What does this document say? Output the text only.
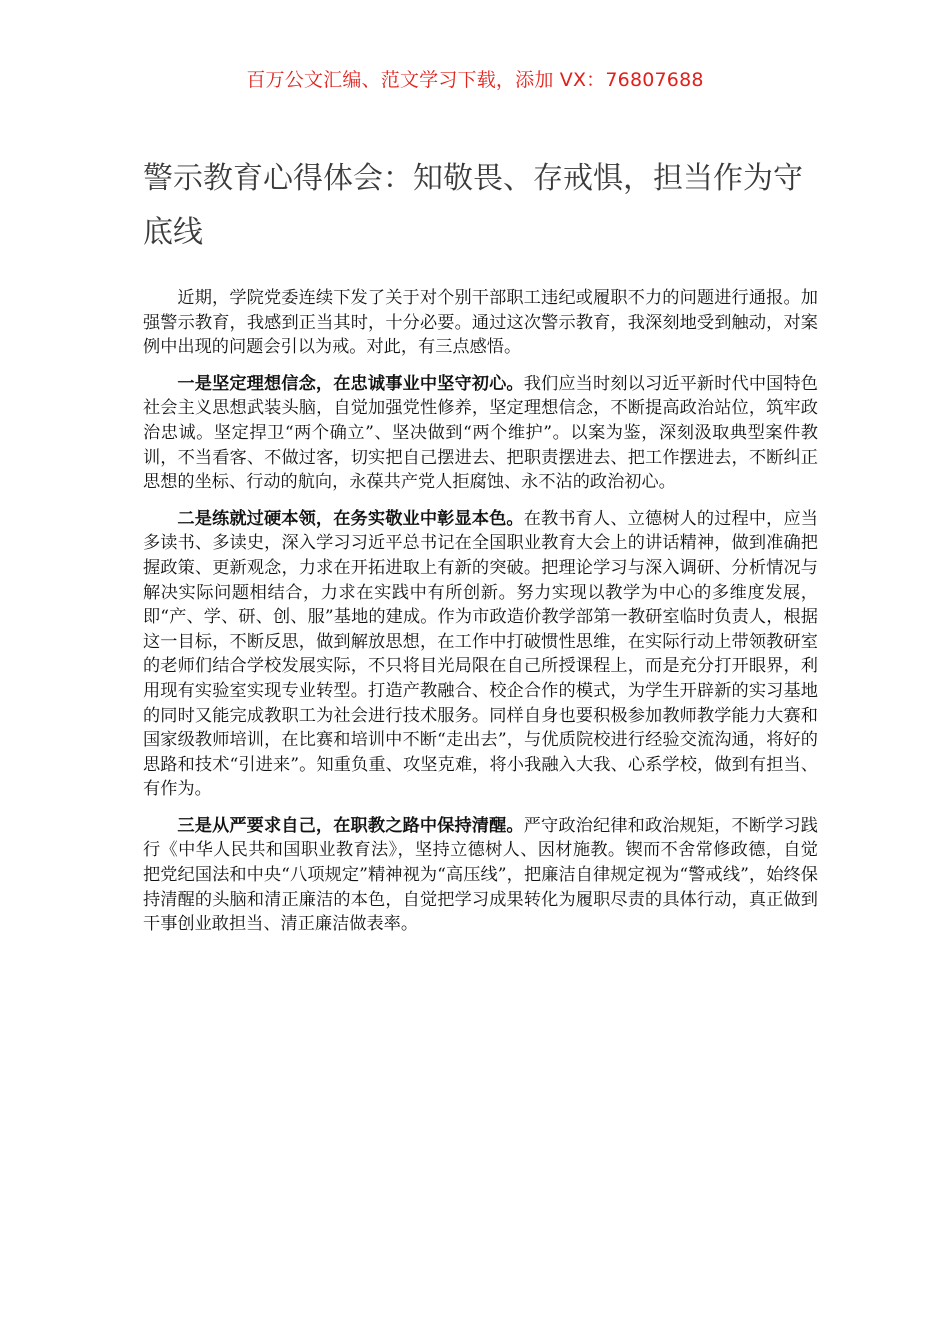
百万公文汇编、范文学习下载，添加 VX：76807688
警示教育心得体会：知敬畏、存戒惧，担当作为守底线

近期，学院党委连续下发了关于对个别干部职工违纪或履职不力的问题进行通报。加强警示教育，我感到正当其时，十分必要。通过这次警示教育，我深刻地受到触动，对案例中出现的问题会引以为戒。对此，有三点感悟。

一是坚定理想信念，在忠诚事业中坚守初心。我们应当时刻以习近平新时代中国特色社会主义思想武装头脑，自觉加强党性修养，坚定理想信念，不断提高政治站位，筑牢政治忠诚。坚定捍卫“两个确立”、坚决做到“两个维护”。以案为鉴，深刻汲取典型案件教训，不当看客、不做过客，切实把自己摆进去、把职责摆进去、把工作摆进去，不断纠正思想的坐标、行动的航向，永葆共产党人拒腐蚀、永不沾的政治初心。

二是练就过硬本领，在务实敬业中彰显本色。在教书育人、立德树人的过程中，应当多读书、多读史，深入学习习近平总书记在全国职业教育大会上的讲话精神，做到准确把握政策、更新观念，力求在开拓进取上有新的突破。把理论学习与深入调研、分析情况与解决实际问题相结合，力求在实践中有所创新。努力实现以教学为中心的多维度发展，即“产、学、研、创、服”基地的建成。作为市政造价教学部第一教研室临时负责人，根据这一目标，不断反思，做到解放思想，在工作中打破惯性思维，在实际行动上带领教研室的老师们结合学校发展实际，不只将目光局限在自己所授课程上，而是充分打开眼界，利用现有实验室实现专业转型。打造产教融合、校企合作的模式，为学生开辟新的实习基地的同时又能完成教职工为社会进行技术服务。同样自身也要积极参加教师教学能力大赛和国家级教师培训，在比赛和培训中不断“走出去”，与优质院校进行经验交流沟通，将好的思路和技术“引进来”。知重负重、攻坚克难，将小我融入大我、心系学校，做到有担当、有作为。

三是从严要求自己，在职教之路中保持清醒。严守政治纪律和政治规矩，不断学习践行《中华人民共和国职业教育法》，坚持立德树人、因材施教。锲而不舍常修政德，自觉把党纪国法和中央“八项规定”精神视为“高压线”，把廉洁自律规定视为“警戒线”，始终保持清醒的头脑和清正廉洁的本色，自觉把学习成果转化为履职尽责的具体行动，真正做到干事创业敢担当、清正廉洁做表率。
